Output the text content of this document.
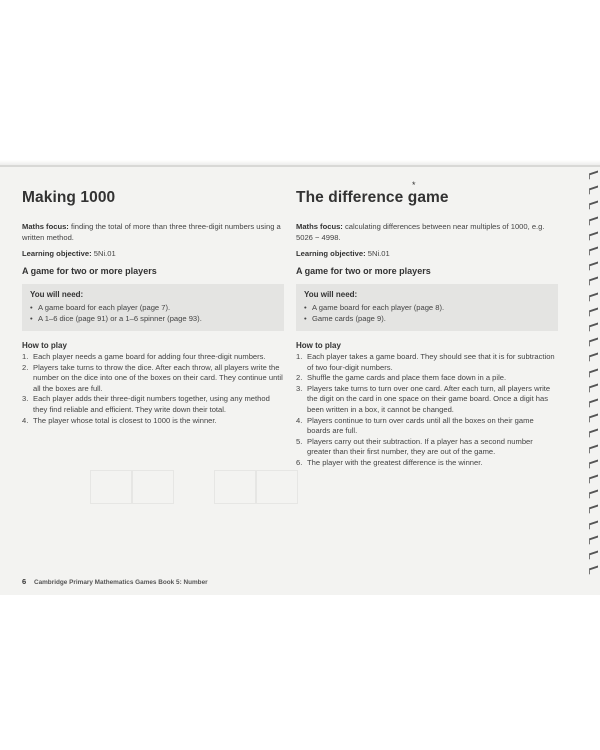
Making 1000

Maths focus: finding the total of more than three three-digit numbers using a written method.

Learning objective: 5Ni.01

A game for two or more players
You will need:
• A game board for each player (page 7).
• A 1–6 dice (page 91) or a 1–6 spinner (page 93).
How to play
1. Each player needs a game board for adding four three-digit numbers.
2. Players take turns to throw the dice. After each throw, all players write the number on the dice into one of the boxes on their card. They continue until all the boxes are full.
3. Each player adds their three-digit numbers together, using any method they find reliable and efficient. They write down their total.
4. The player whose total is closest to 1000 is the winner.
The difference game

Maths focus: calculating differences between near multiples of 1000, e.g. 5026 − 4998.

Learning objective: 5Ni.01

A game for two or more players
You will need:
• A game board for each player (page 8).
• Game cards (page 9).
How to play
1. Each player takes a game board. They should see that it is for subtraction of two four-digit numbers.
2. Shuffle the game cards and place them face down in a pile.
3. Players take turns to turn over one card. After each turn, all players write the digit on the card in one space on their game board. Once a digit has been written in a box, it cannot be changed.
4. Players continue to turn over cards until all the boxes on their game boards are full.
5. Players carry out their subtraction. If a player has a second number greater than their first number, they are out of the game.
6. The player with the greatest difference is the winner.
6 Cambridge Primary Mathematics Games Book 5: Number
*
